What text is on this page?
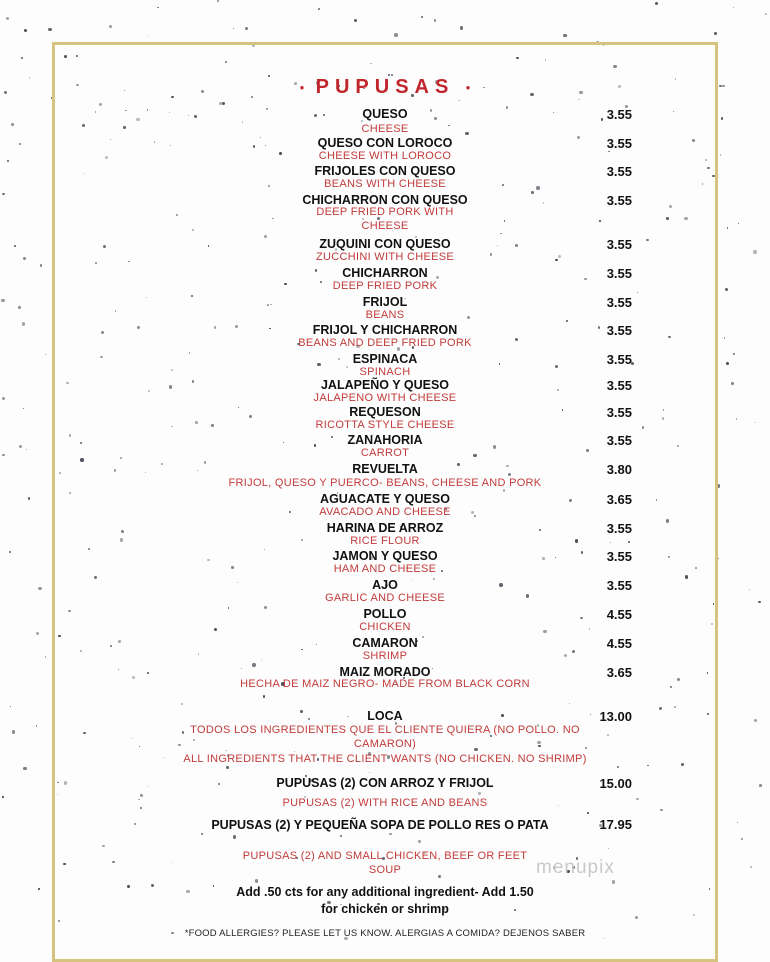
• PUPUSAS •
QUESO
CHEESE
3.55
QUESO CON LOROCO
CHEESE WITH LOROCO
3.55
FRIJOLES CON QUESO
BEANS WITH CHEESE
3.55
CHICHARRON CON QUESO
DEEP FRIED PORK WITH CHEESE
3.55
ZUQUINI CON QUESO
ZUCCHINI WITH CHEESE
3.55
CHICHARRON
DEEP FRIED PORK
3.55
FRIJOL
BEANS
3.55
FRIJOL Y CHICHARRON
BEANS AND DEEP FRIED PORK
3.55
ESPINACA
SPINACH
3.55
JALAPEÑO Y QUESO
JALAPENO WITH CHEESE
3.55
REQUESON
RICOTTA STYLE CHEESE
3.55
ZANAHORIA
CARROT
3.55
REVUELTA
FRIJOL, QUESO Y PUERCO- BEANS, CHEESE AND PORK
3.80
AGUACATE Y QUESO
AVACADO AND CHEESE
3.65
HARINA DE ARROZ
RICE FLOUR
3.55
JAMON Y QUESO
HAM AND CHEESE
3.55
AJO
GARLIC AND CHEESE
3.55
POLLO
CHICKEN
4.55
CAMARON
SHRIMP
4.55
MAIZ MORADO
HECHA DE MAIZ NEGRO- MADE FROM BLACK CORN
3.65
LOCA
TODOS LOS INGREDIENTES QUE EL CLIENTE QUIERA (NO POLLO. NO CAMARON)
ALL INGREDIENTS THAT THE CLIENT WANTS (NO CHICKEN. NO SHRIMP)
13.00
PUPUSAS (2) CON ARROZ Y FRIJOL
PUPUSAS (2) WITH RICE AND BEANS
15.00
PUPUSAS (2) Y PEQUEÑA SOPA DE POLLO RES O PATA
PUPUSAS (2) AND SMALL CHICKEN, BEEF OR FEET SOUP
17.95
Add .50 cts for any additional ingredient- Add 1.50 for chicken or shrimp
*FOOD ALLERGIES? PLEASE LET US KNOW. ALERGIAS A COMIDA? DEJENOS SABER
menupix
